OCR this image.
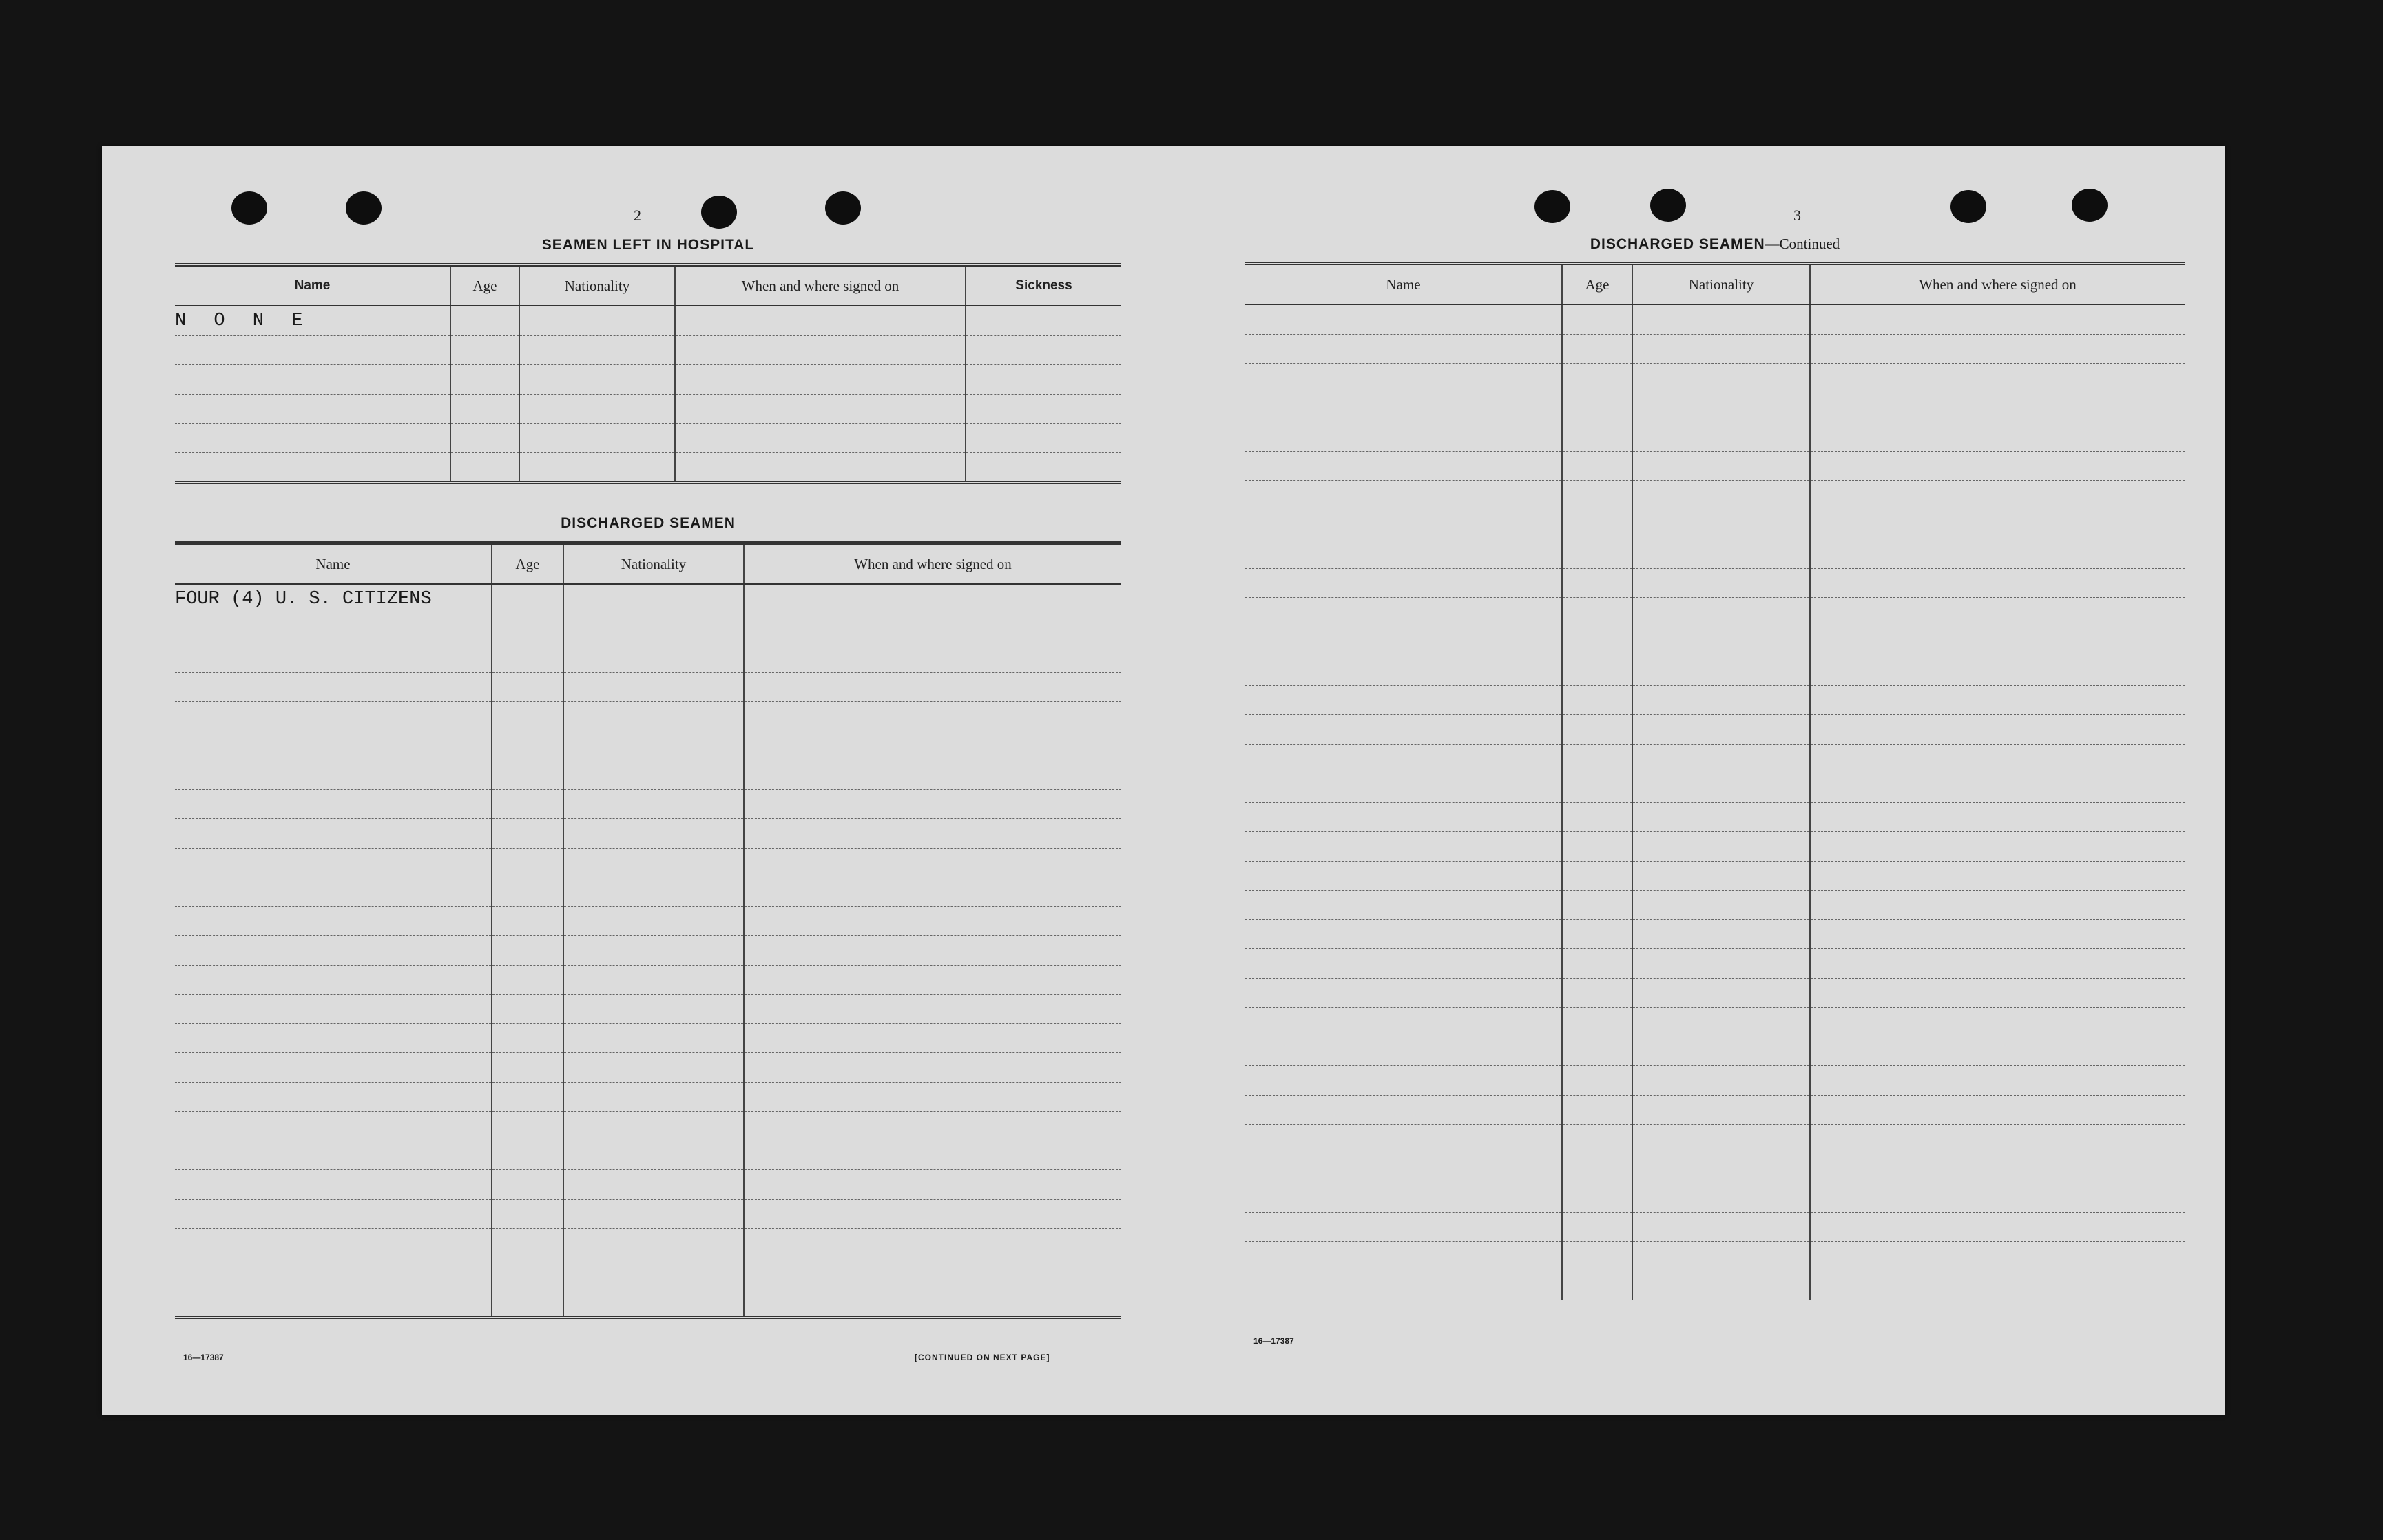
2
SEAMEN LEFT IN HOSPITAL
Name	Age	Nationality	When and where signed on	Sickness
N O N E				

DISCHARGED SEAMEN
Name	Age	Nationality	When and where signed on
FOUR (4) U. S. CITIZENS			

16—17387	[CONTINUED ON NEXT PAGE]
3
DISCHARGED SEAMEN—Continued
Name	Age	Nationality	When and where signed on

16—17387
